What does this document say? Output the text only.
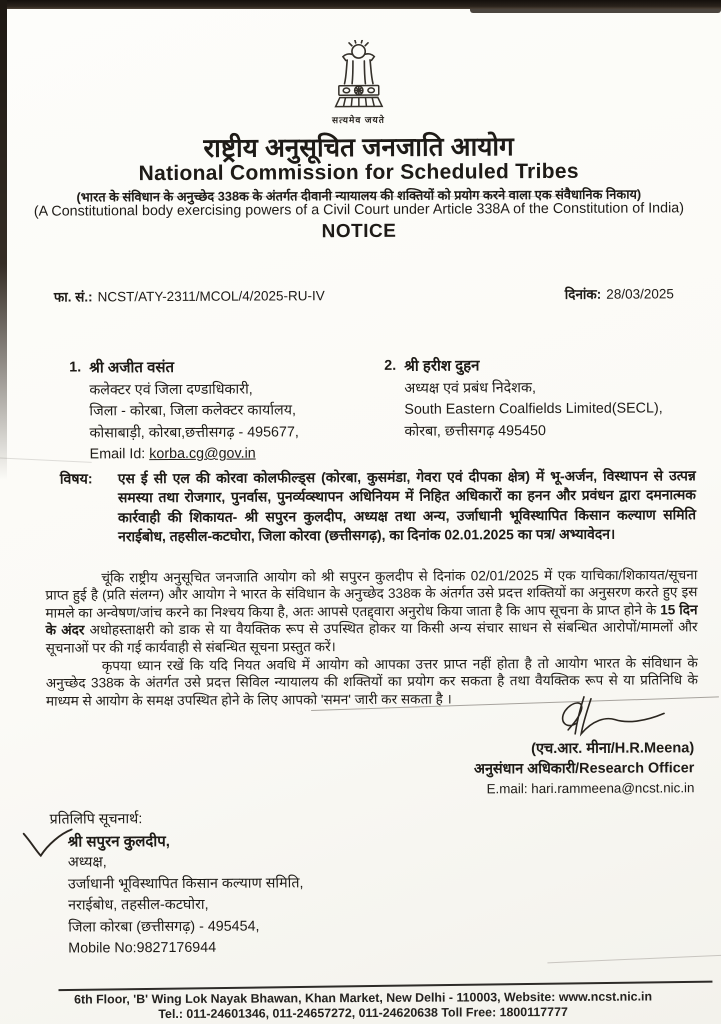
सत्यमेव जयते
राष्ट्रीय अनुसूचित जनजाति आयोग
National Commission for Scheduled Tribes
(भारत के संविधान के अनुच्छेद 338क के अंतर्गत दीवानी न्यायालय की शक्तियों को प्रयोग करने वाला एक संवैधानिक निकाय)
(A Constitutional body exercising powers of a Civil Court under Article 338A of the Constitution of India)
NOTICE
फा. सं.: NCST/ATY-2311/MCOL/4/2025-RU-IV	दिनांक: 28/03/2025
1. श्री अजीत वसंत
कलेक्टर एवं जिला दण्डाधिकारी,
जिला - कोरबा, जिला कलेक्टर कार्यालय,
कोसाबाड़ी, कोरबा,छत्तीसगढ़ - 495677,
Email Id: korba.cg@gov.in
2. श्री हरीश दुहन
अध्यक्ष एवं प्रबंध निदेशक,
South Eastern Coalfields Limited(SECL),
कोरबा, छत्तीसगढ़ 495450
विषय:	एस ई सी एल की कोरवा कोलफील्ड्स (कोरबा, कुसमंडा, गेवरा एवं दीपका क्षेत्र) में भू-अर्जन, विस्थापन से उत्पन्न समस्या तथा रोजगार, पुनर्वास, पुनर्व्यव्स्थापन अधिनियम में निहित अधिकारों का हनन और प्रवंधन द्वारा दमनात्मक कार्रवाही की शिकायत- श्री सपुरन कुलदीप, अध्यक्ष तथा अन्य, उर्जाधानी भूविस्थापित किसान कल्याण समिति नराईबोध, तहसील-कटघोरा, जिला कोरवा (छत्तीसगढ़), का दिनांक 02.01.2025 का पत्र/ अभ्यावेदन।
चूंकि राष्ट्रीय अनुसूचित जनजाति आयोग को श्री सपुरन कुलदीप से दिनांक 02/01/2025 में एक याचिका/शिकायत/सूचना प्राप्त हुई है (प्रति संलग्न) और आयोग ने भारत के संविधान के अनुच्छेद 338क के अंतर्गत उसे प्रदत्त शक्तियों का अनुसरण करते हुए इस मामले का अन्वेषण/जांच करने का निश्चय किया है, अतः आपसे एतद्द्वारा अनुरोध किया जाता है कि आप सूचना के प्राप्त होने के 15 दिन के अंदर अधोहस्ताक्षरी को डाक से या वैयक्तिक रूप से उपस्थित होकर या किसी अन्य संचार साधन से संबन्धित आरोपों/मामलों और सूचनाओं पर की गई कार्यवाही से संबन्धित सूचना प्रस्तुत करें।
कृपया ध्यान रखें कि यदि नियत अवधि में आयोग को आपका उत्तर प्राप्त नहीं होता है तो आयोग भारत के संविधान के अनुच्छेद 338क के अंतर्गत उसे प्रदत्त सिविल न्यायालय की शक्तियों का प्रयोग कर सकता है तथा वैयक्तिक रूप से या प्रतिनिधि के माध्यम से आयोग के समक्ष उपस्थित होने के लिए आपको 'समन' जारी कर सकता है ।
(एच.आर. मीना/H.R.Meena)
अनुसंधान अधिकारी/Research Officer
E.mail: hari.rammeena@ncst.nic.in
प्रतिलिपि सूचनार्थ:
श्री सपुरन कुलदीप,
अध्यक्ष,
उर्जाधानी भूविस्थापित किसान कल्याण समिति,
नराईबोध, तहसील-कटघोरा,
जिला कोरबा (छत्तीसगढ़) - 495454,
Mobile No:9827176944
6th Floor, 'B' Wing Lok Nayak Bhawan, Khan Market, New Delhi - 110003, Website: www.ncst.nic.in
Tel.: 011-24601346, 011-24657272, 011-24620638 Toll Free: 1800117777
